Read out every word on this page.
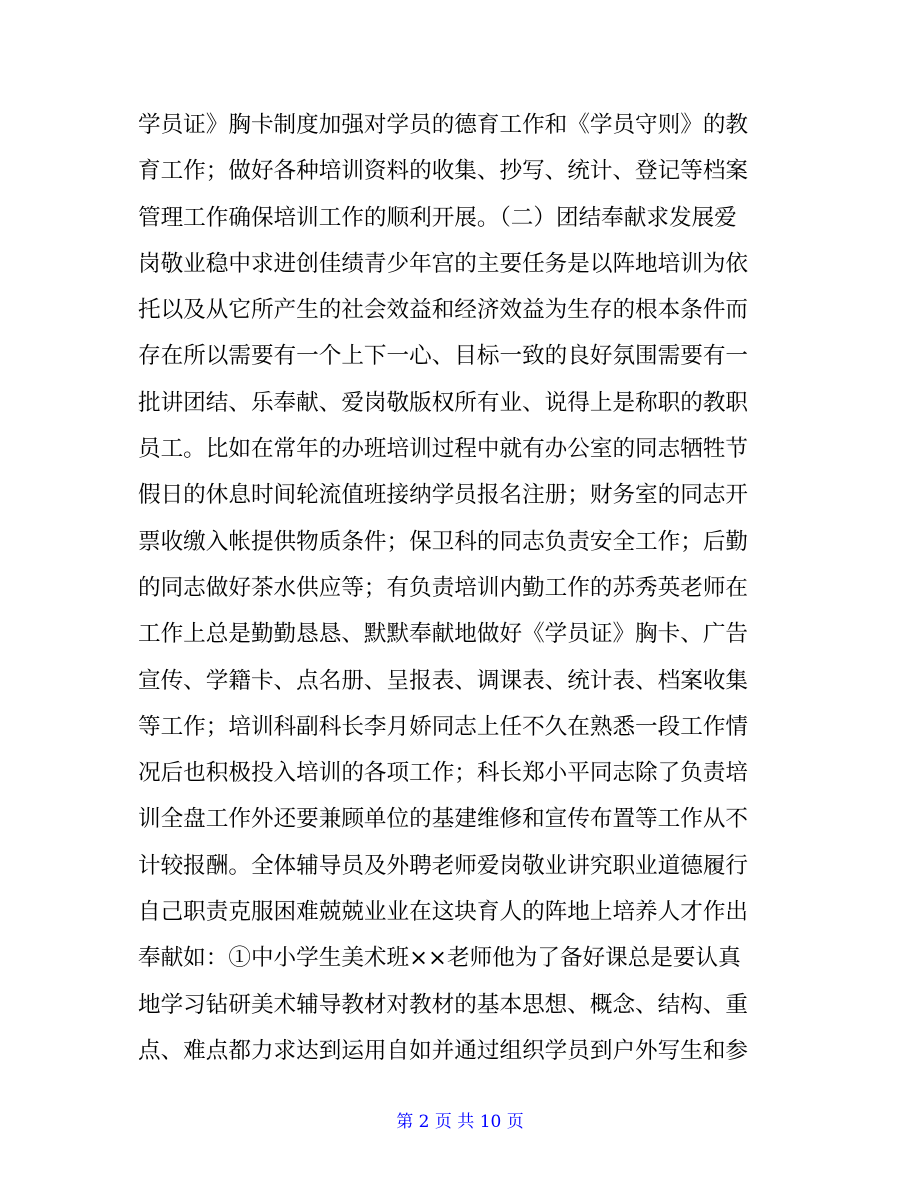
学员证》胸卡制度加强对学员的德育工作和《学员守则》的教
育工作；做好各种培训资料的收集、抄写、统计、登记等档案
管理工作确保培训工作的顺利开展。（二）团结奉献求发展爱
岗敬业稳中求进创佳绩青少年宫的主要任务是以阵地培训为依
托以及从它所产生的社会效益和经济效益为生存的根本条件而
存在所以需要有一个上下一心、目标一致的良好氛围需要有一
批讲团结、乐奉献、爱岗敬版权所有业、说得上是称职的教职
员工。比如在常年的办班培训过程中就有办公室的同志牺牲节
假日的休息时间轮流值班接纳学员报名注册；财务室的同志开
票收缴入帐提供物质条件；保卫科的同志负责安全工作；后勤
的同志做好茶水供应等；有负责培训内勤工作的苏秀英老师在
工作上总是勤勤恳恳、默默奉献地做好《学员证》胸卡、广告
宣传、学籍卡、点名册、呈报表、调课表、统计表、档案收集
等工作；培训科副科长李月娇同志上任不久在熟悉一段工作情
况后也积极投入培训的各项工作；科长郑小平同志除了负责培
训全盘工作外还要兼顾单位的基建维修和宣传布置等工作从不
计较报酬。全体辅导员及外聘老师爱岗敬业讲究职业道德履行
自己职责克服困难兢兢业业在这块育人的阵地上培养人才作出
奉献如：①中小学生美术班××老师他为了备好课总是要认真
地学习钻研美术辅导教材对教材的基本思想、概念、结构、重
点、难点都力求达到运用自如并通过组织学员到户外写生和参
第 2 页 共 10 页
